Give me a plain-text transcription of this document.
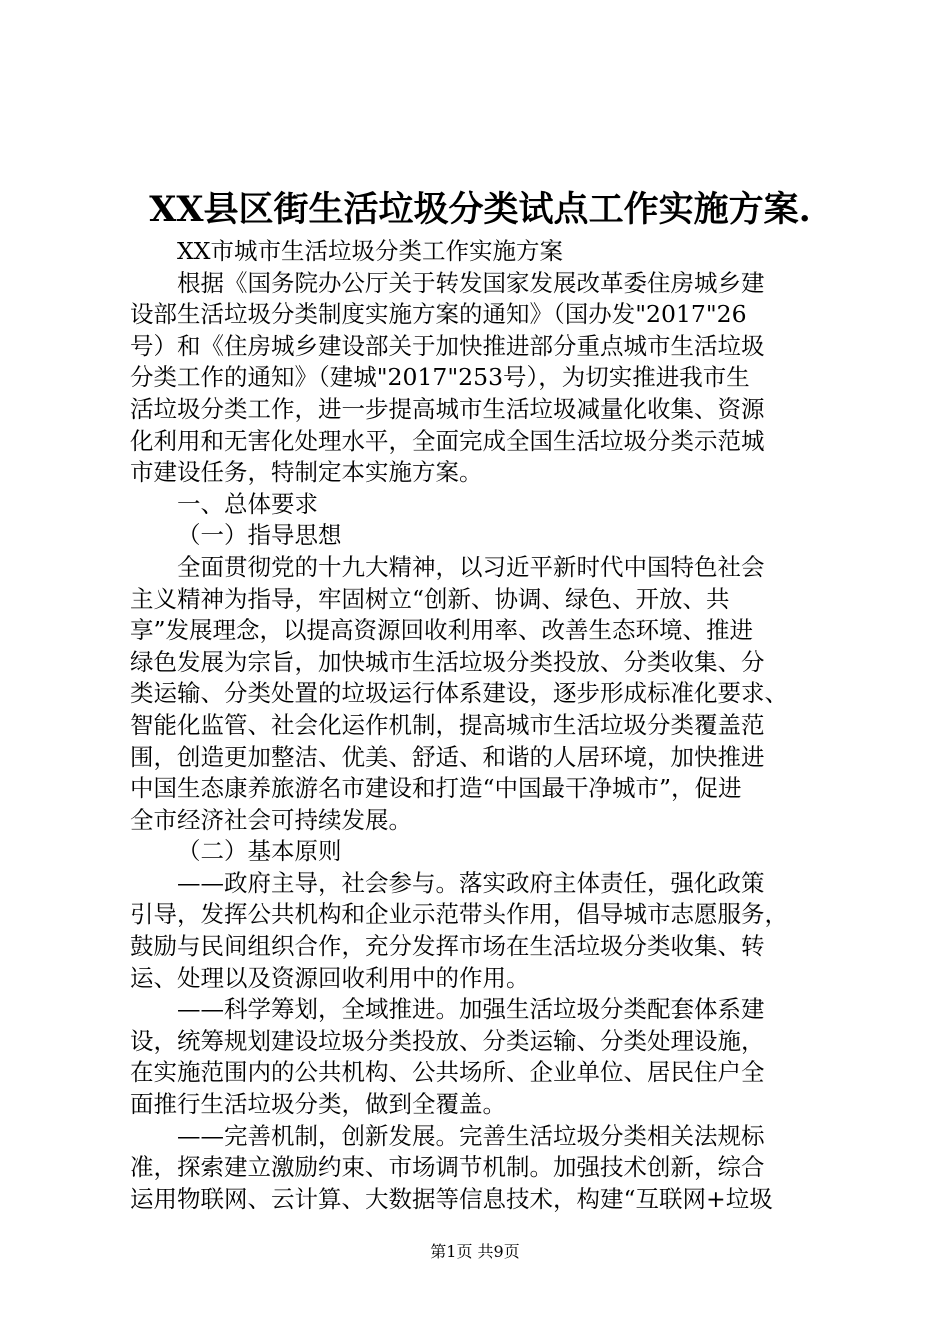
XX县区街生活垃圾分类试点工作实施方案.
XX市城市生活垃圾分类工作实施方案
根据《国务院办公厅关于转发国家发展改革委住房城乡建
设部生活垃圾分类制度实施方案的通知》（国办发"2017"26
号）和《住房城乡建设部关于加快推进部分重点城市生活垃圾
分类工作的通知》（建城"2017"253号），为切实推进我市生
活垃圾分类工作，进一步提高城市生活垃圾减量化收集、资源
化利用和无害化处理水平，全面完成全国生活垃圾分类示范城
市建设任务，特制定本实施方案。
一、总体要求
（一）指导思想
全面贯彻党的十九大精神，以习近平新时代中国特色社会
主义精神为指导，牢固树立“创新、协调、绿色、开放、共
享”发展理念，以提高资源回收利用率、改善生态环境、推进
绿色发展为宗旨，加快城市生活垃圾分类投放、分类收集、分
类运输、分类处置的垃圾运行体系建设，逐步形成标准化要求、
智能化监管、社会化运作机制，提高城市生活垃圾分类覆盖范
围，创造更加整洁、优美、舒适、和谐的人居环境，加快推进
中国生态康养旅游名市建设和打造“中国最干净城市”，促进
全市经济社会可持续发展。
（二）基本原则
——政府主导，社会参与。落实政府主体责任，强化政策
引导，发挥公共机构和企业示范带头作用，倡导城市志愿服务，
鼓励与民间组织合作，充分发挥市场在生活垃圾分类收集、转
运、处理以及资源回收利用中的作用。
——科学筹划，全域推进。加强生活垃圾分类配套体系建
设，统筹规划建设垃圾分类投放、分类运输、分类处理设施，
在实施范围内的公共机构、公共场所、企业单位、居民住户全
面推行生活垃圾分类，做到全覆盖。
——完善机制，创新发展。完善生活垃圾分类相关法规标
准，探索建立激励约束、市场调节机制。加强技术创新，综合
运用物联网、云计算、大数据等信息技术，构建“互联网+垃圾
第1页 共9页
